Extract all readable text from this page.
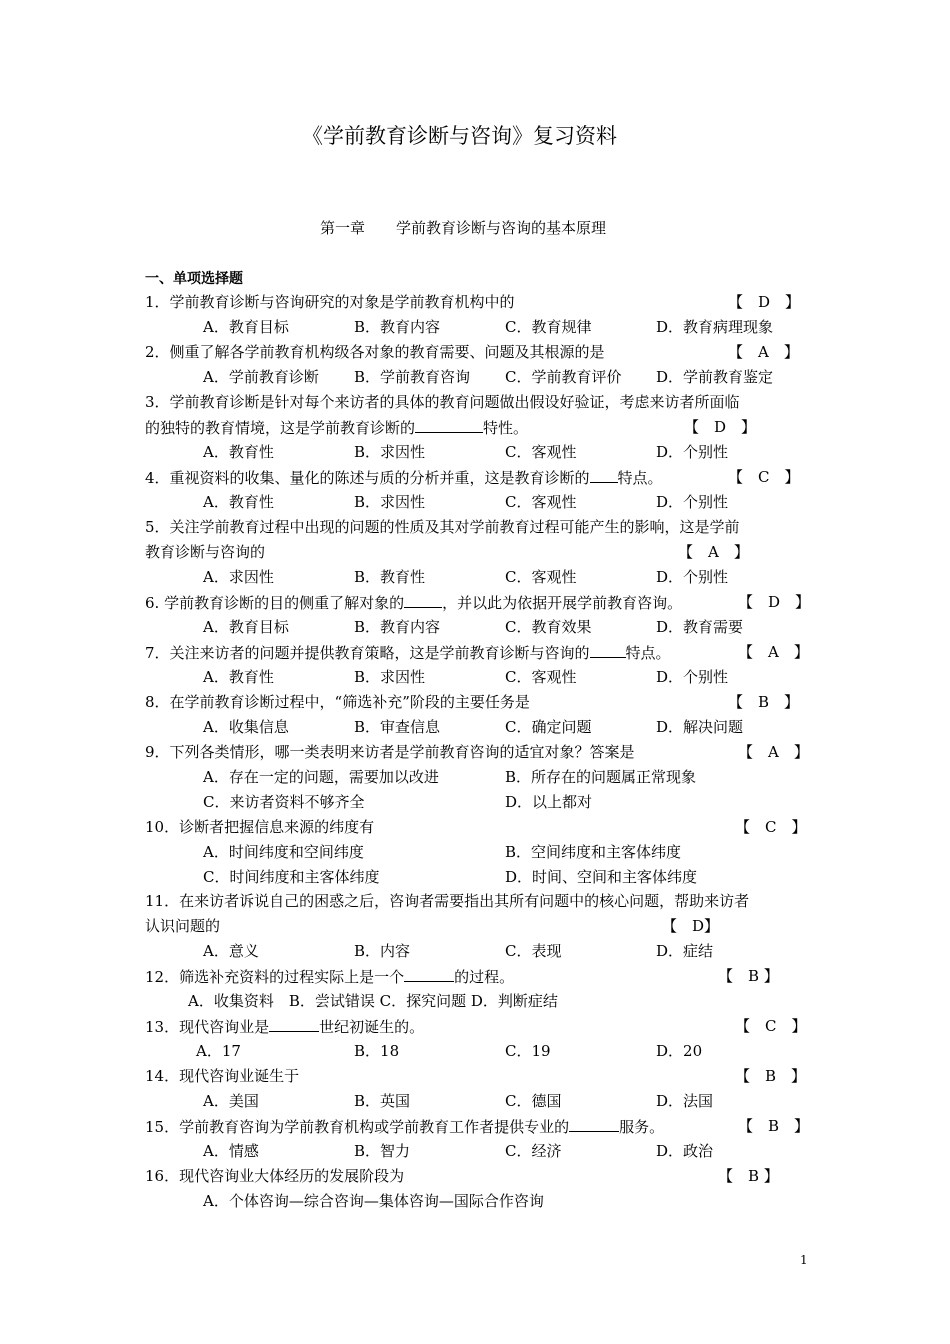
《学前教育诊断与咨询》复习资料
第一章 学前教育诊断与咨询的基本原理
一、单项选择题
1．学前教育诊断与咨询研究的对象是学前教育机构中的	【　D　】
A．教育目标	B．教育内容	C．教育规律	D．教育病理现象
2．侧重了解各学前教育机构级各对象的教育需要、问题及其根源的是	【　A　】
A．学前教育诊断 B．学前教育咨询 C．学前教育评价 D．学前教育鉴定
3．学前教育诊断是针对每个来访者的具体的教育问题做出假设好验证，考虑来访者所面临
的独特的教育情境，这是学前教育诊断的	特性。	【　D　】
A．教育性	B．求因性	C．客观性	D．个别性
4．重视资料的收集、量化的陈述与质的分析并重，这是教育诊断的 特点。	【　C　】
A．教育性	B．求因性	C．客观性	D．个别性
5．关注学前教育过程中出现的问题的性质及其对学前教育过程可能产生的影响，这是学前
教育诊断与咨询的	【　A　】
A．求因性	B．教育性	C．客观性	D．个别性
6. 学前教育诊断的目的侧重了解对象的	，并以此为依据开展学前教育咨询。	【　D　】
A．教育目标	B．教育内容	C．教育效果	D．教育需要
7．关注来访者的问题并提供教育策略，这是学前教育诊断与咨询的 特点。	【　A　】
A．教育性	B．求因性	C．客观性	D．个别性
8．在学前教育诊断过程中，“筛选补充”阶段的主要任务是	【　B　】
A．收集信息	B．审查信息	C．确定问题	D．解决问题
9．下列各类情形，哪一类表明来访者是学前教育咨询的适宜对象？答案是	【　A　】
A．存在一定的问题，需要加以改进	B．所存在的问题属正常现象
C．来访者资料不够齐全	D．以上都对
10．诊断者把握信息来源的纬度有	【　C　】
A．时间纬度和空间纬度	B．空间纬度和主客体纬度
C．时间纬度和主客体纬度	D．时间、空间和主客体纬度
11．在来访者诉说自己的困惑之后，咨询者需要指出其所有问题中的核心问题，帮助来访者
认识问题的	【　D】
A．意义	B．内容	C．表现	D．症结
12．筛选补充资料的过程实际上是一个	的过程。	【　B 】
A．收集资料　B．尝试错误 C．探究问题 D．判断症结
13．现代咨询业是	世纪初诞生的。	【　C　】
A．17	B．18	C．19	D．20
14．现代咨询业诞生于	【　B　】
A．美国	B．英国	C．德国	D．法国
15．学前教育咨询为学前教育机构或学前教育工作者提供专业的	服务。	【　B　】
A．情感	B．智力	C．经济	D．政治
16．现代咨询业大体经历的发展阶段为	【　B 】
A．个体咨询—综合咨询—集体咨询—国际合作咨询
1
